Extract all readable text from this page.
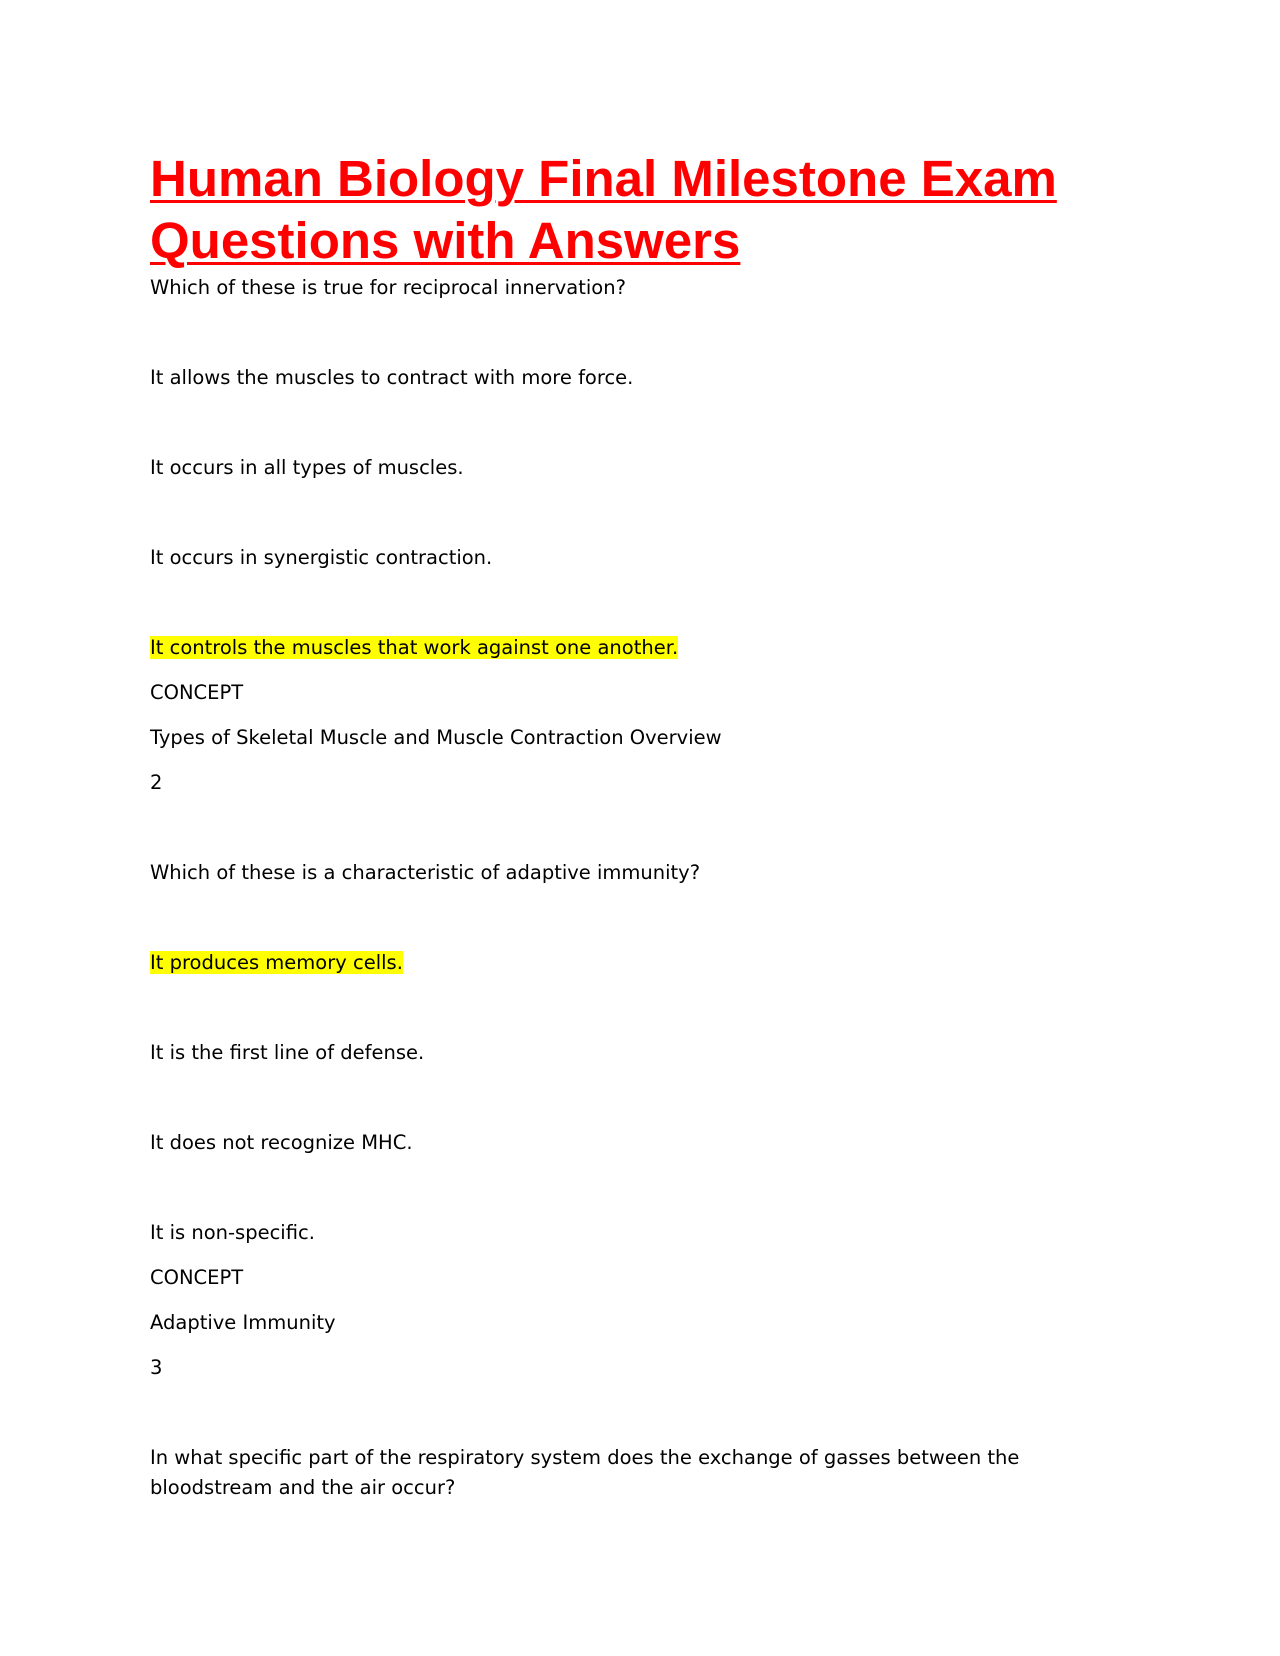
Human Biology Final Milestone Exam Questions with Answers

Which of these is true for reciprocal innervation?

It allows the muscles to contract with more force.

It occurs in all types of muscles.

It occurs in synergistic contraction.

It controls the muscles that work against one another.

CONCEPT

Types of Skeletal Muscle and Muscle Contraction Overview

2

Which of these is a characteristic of adaptive immunity?

It produces memory cells.

It is the first line of defense.

It does not recognize MHC.

It is non-specific.

CONCEPT

Adaptive Immunity

3

In what specific part of the respiratory system does the exchange of gasses between the bloodstream and the air occur?
